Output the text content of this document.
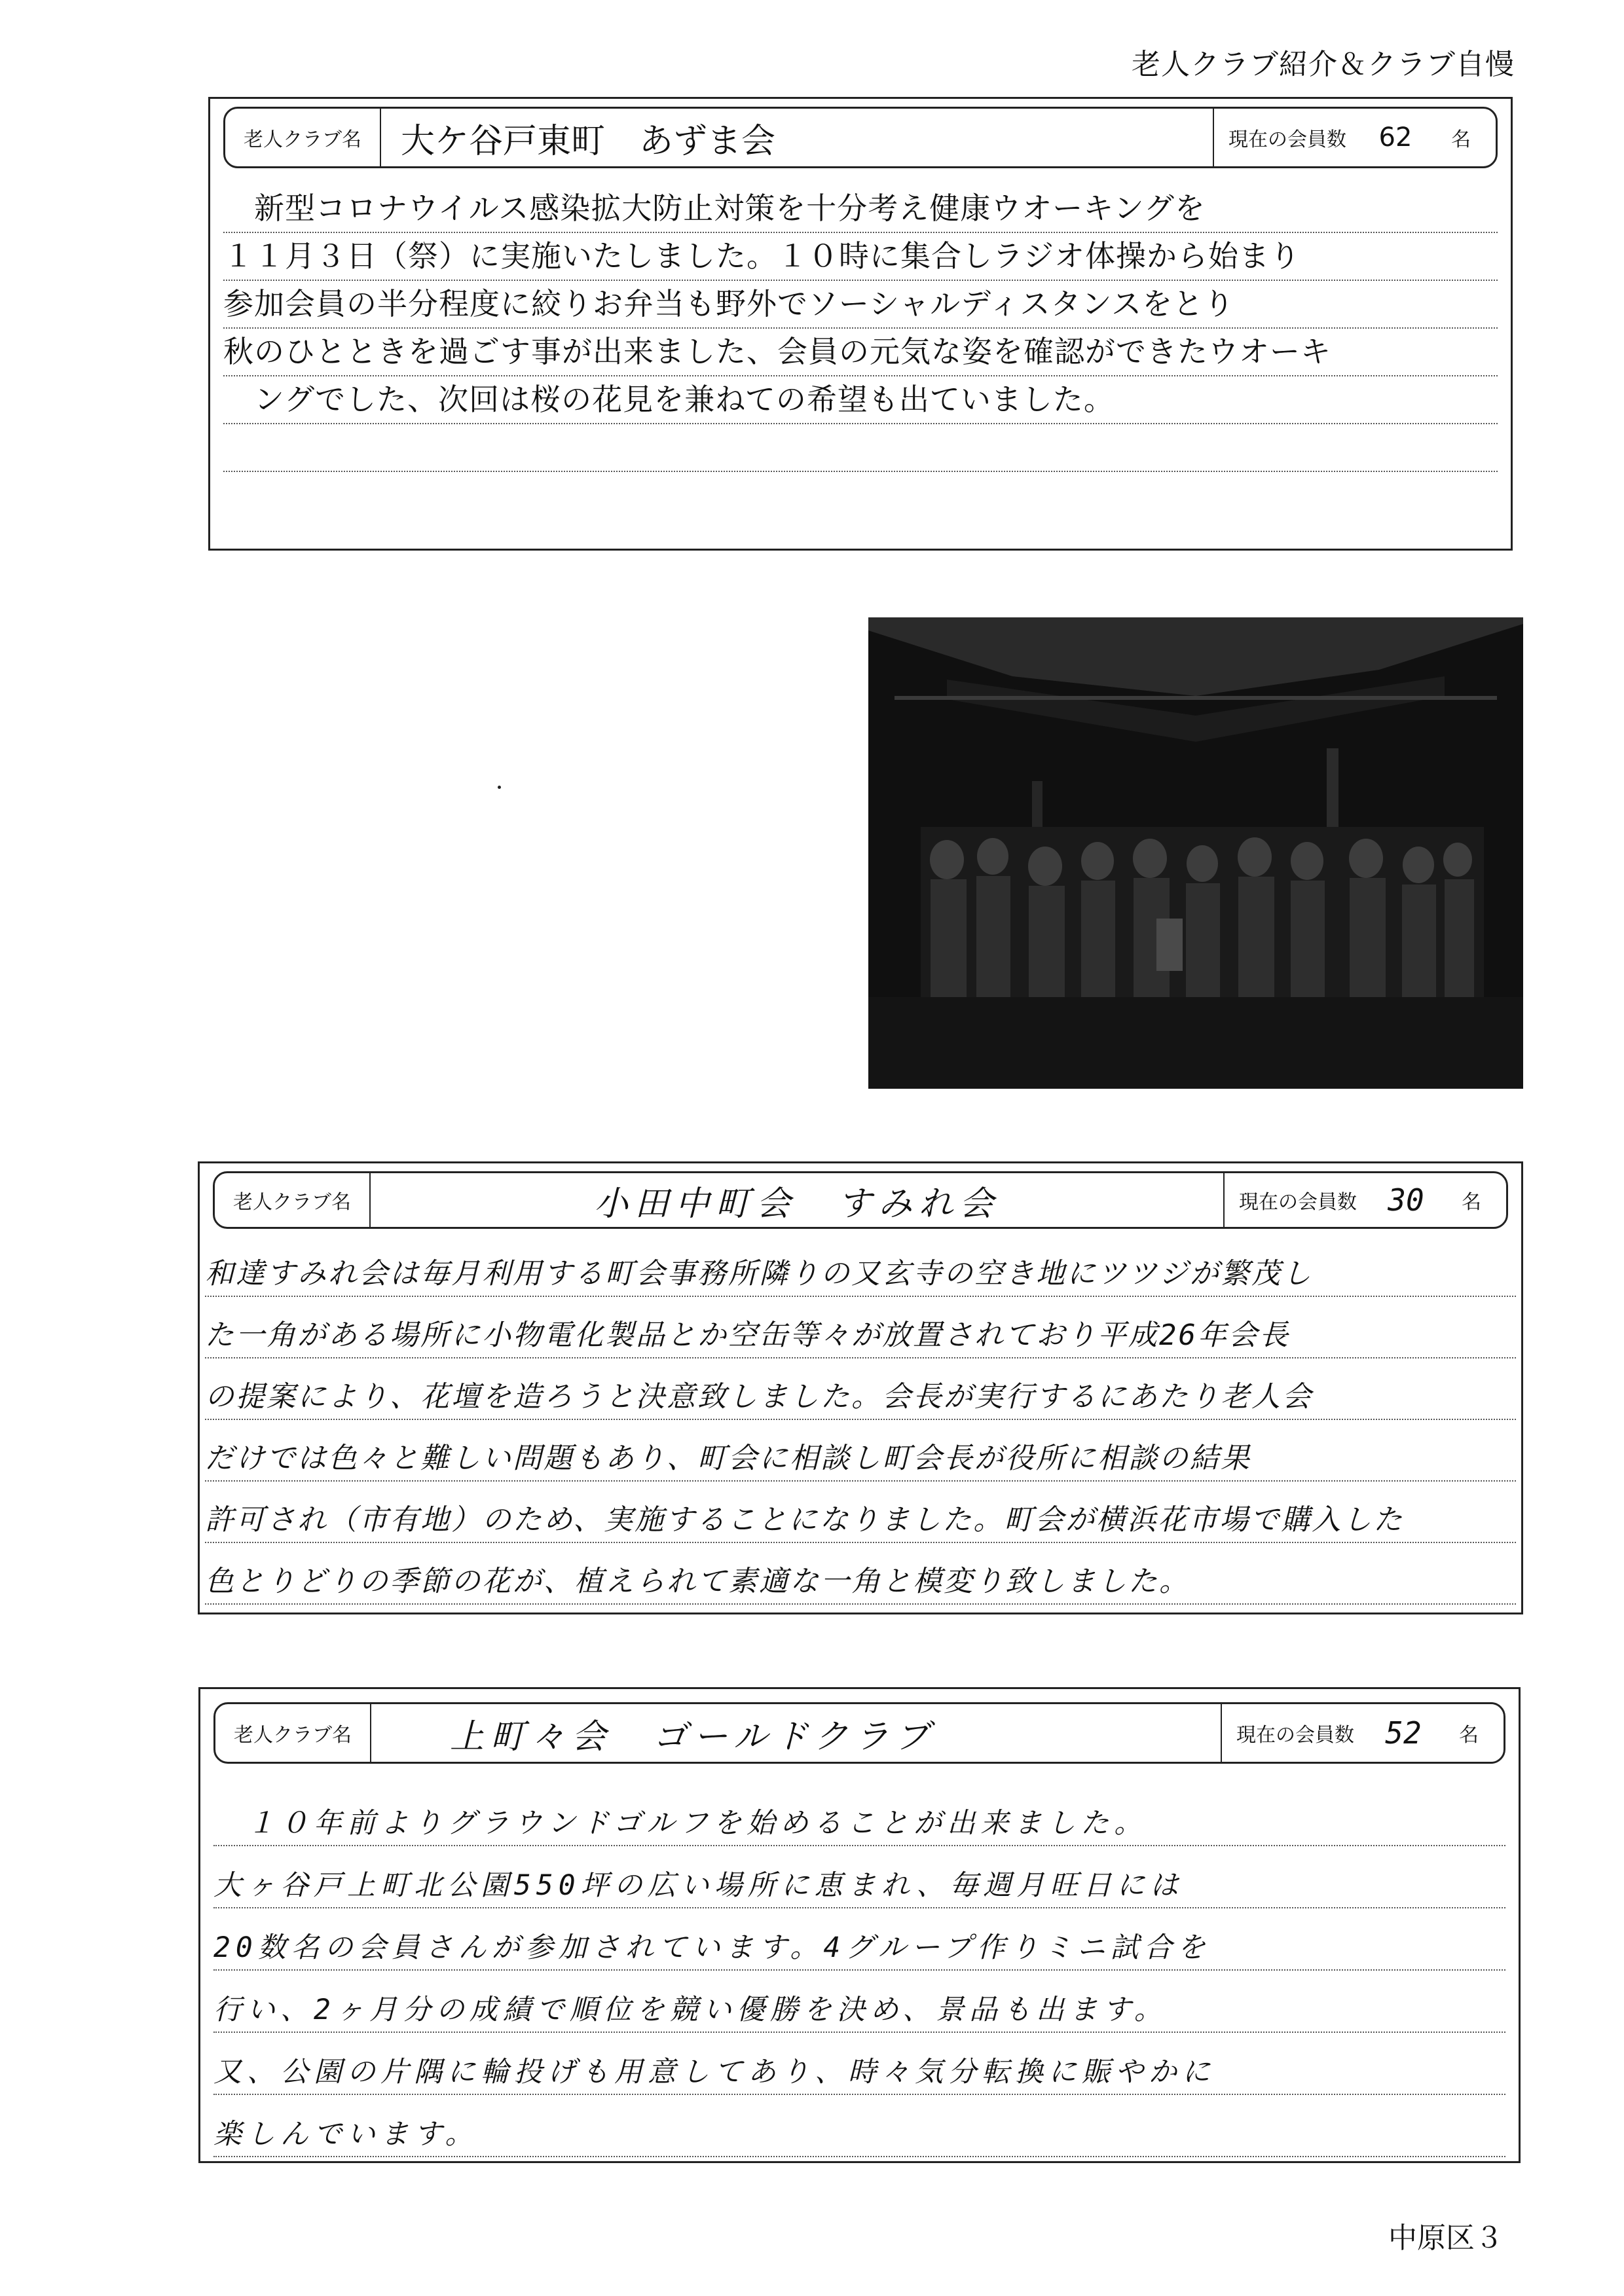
老人クラブ紹介＆クラブ自慢
老人クラブ名	大ケ谷戸東町　あずま会	現在の会員数	62	名
　新型コロナウイルス感染拡大防止対策を十分考え健康ウオーキングを
１１月３日（祭）に実施いたしました。１０時に集合しラジオ体操から始まり
参加会員の半分程度に絞りお弁当も野外でソーシャルディスタンスをとり
秋のひとときを過ごす事が出来ました、会員の元気な姿を確認ができたウオーキ
　ングでした、次回は桜の花見を兼ねての希望も出ていました。
老人クラブ名	小田中町会　すみれ会	現在の会員数	30	名
和達すみれ会は毎月利用する町会事務所隣りの又玄寺の空き地にツツジが繁茂し
た一角がある場所に小物電化製品とか空缶等々が放置されており平成26年会長
の提案により、花壇を造ろうと決意致しました。会長が実行するにあたり老人会
だけでは色々と難しい問題もあり、町会に相談し町会長が役所に相談の結果
許可され（市有地）のため、実施することになりました。町会が横浜花市場で購入した
色とりどりの季節の花が、植えられて素適な一角と模変り致しました。
老人クラブ名	上町々会　ゴールドクラブ	現在の会員数	52	名
　１０年前よりグラウンドゴルフを始めることが出来ました。
大ヶ谷戸上町北公園550坪の広い場所に恵まれ、毎週月旺日には
20数名の会員さんが参加されています。4グループ作りミニ試合を
行い、2ヶ月分の成績で順位を競い優勝を決め、景品も出ます。
又、公園の片隅に輪投げも用意してあり、時々気分転換に賑やかに
楽しんでいます。
中原区３
